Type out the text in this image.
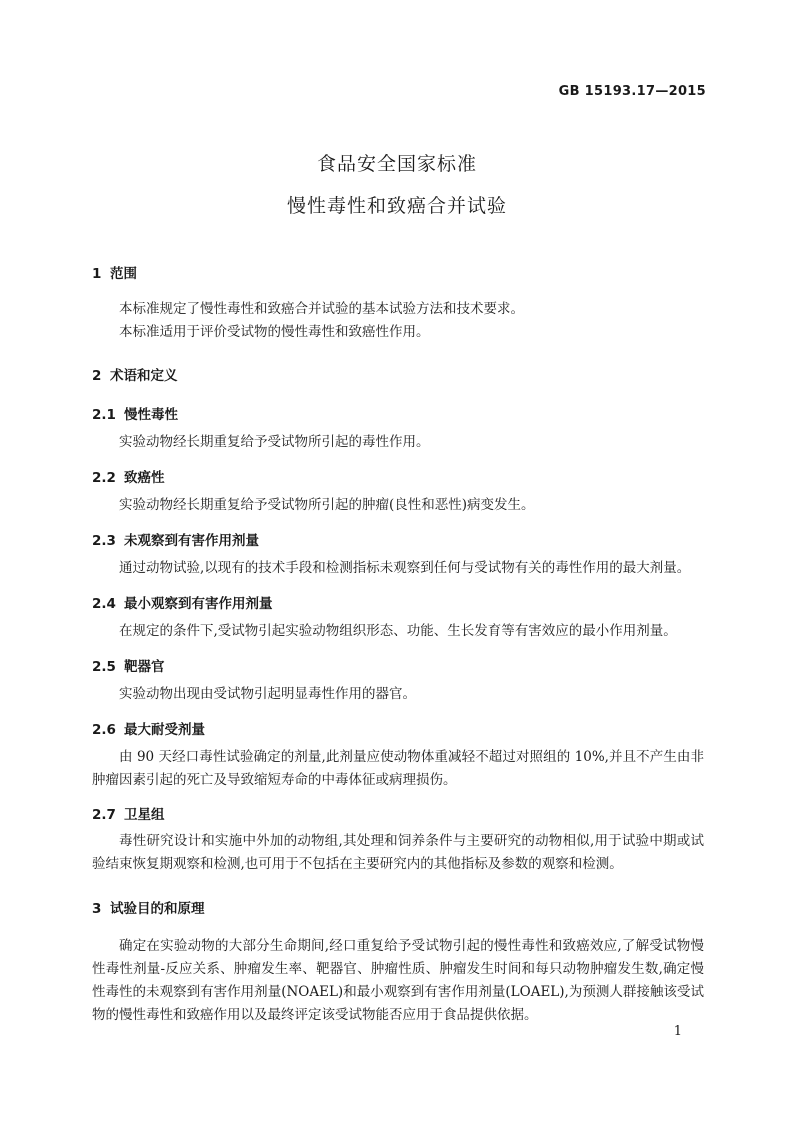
GB 15193.17—2015
食品安全国家标准
慢性毒性和致癌合并试验
1 范围
本标准规定了慢性毒性和致癌合并试验的基本试验方法和技术要求。
本标准适用于评价受试物的慢性毒性和致癌性作用。
2 术语和定义
2.1 慢性毒性
实验动物经长期重复给予受试物所引起的毒性作用。
2.2 致癌性
实验动物经长期重复给予受试物所引起的肿瘤(良性和恶性)病变发生。
2.3 未观察到有害作用剂量
通过动物试验,以现有的技术手段和检测指标未观察到任何与受试物有关的毒性作用的最大剂量。
2.4 最小观察到有害作用剂量
在规定的条件下,受试物引起实验动物组织形态、功能、生长发育等有害效应的最小作用剂量。
2.5 靶器官
实验动物出现由受试物引起明显毒性作用的器官。
2.6 最大耐受剂量
由 90 天经口毒性试验确定的剂量,此剂量应使动物体重减轻不超过对照组的 10%,并且不产生由非肿瘤因素引起的死亡及导致缩短寿命的中毒体征或病理损伤。
2.7 卫星组
毒性研究设计和实施中外加的动物组,其处理和饲养条件与主要研究的动物相似,用于试验中期或试验结束恢复期观察和检测,也可用于不包括在主要研究内的其他指标及参数的观察和检测。
3 试验目的和原理
确定在实验动物的大部分生命期间,经口重复给予受试物引起的慢性毒性和致癌效应,了解受试物慢性毒性剂量-反应关系、肿瘤发生率、靶器官、肿瘤性质、肿瘤发生时间和每只动物肿瘤发生数,确定慢性毒性的未观察到有害作用剂量(NOAEL)和最小观察到有害作用剂量(LOAEL),为预测人群接触该受试物的慢性毒性和致癌作用以及最终评定该受试物能否应用于食品提供依据。
1
